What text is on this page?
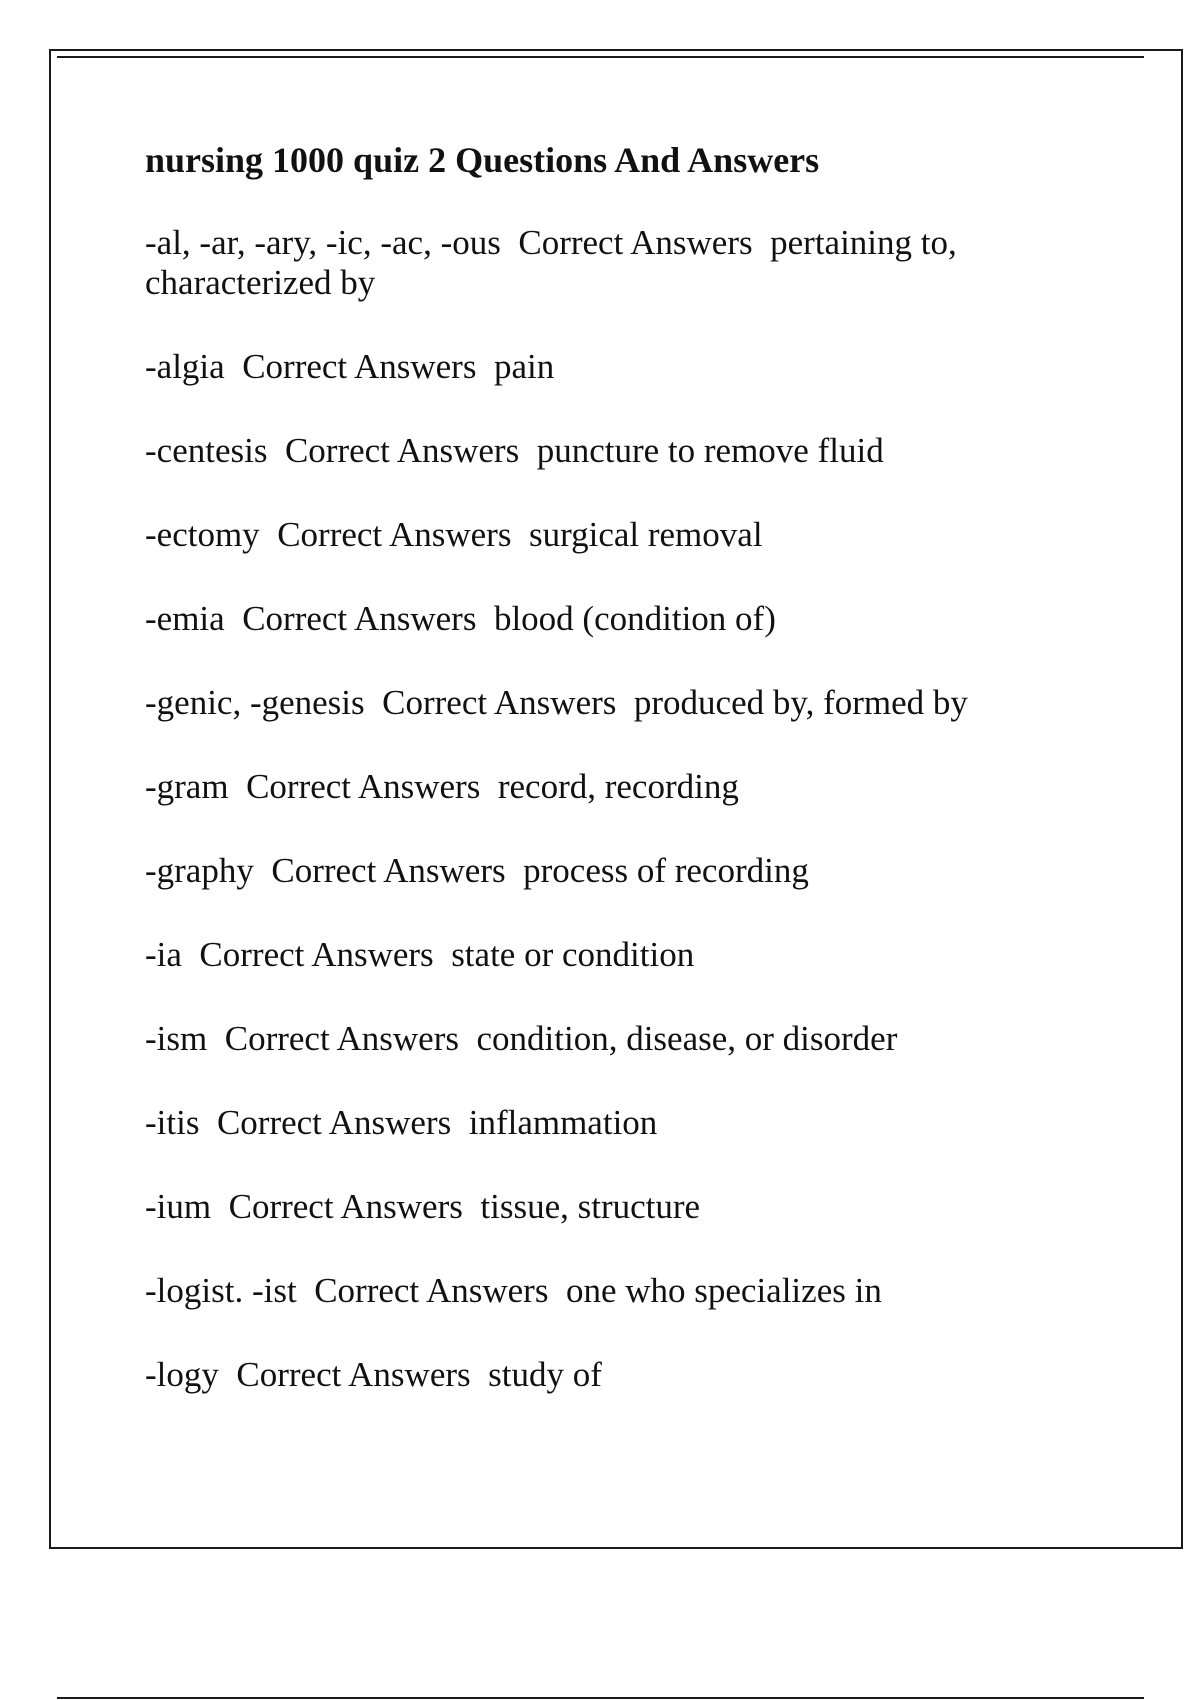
nursing 1000 quiz 2 Questions And Answers
-al, -ar, -ary, -ic, -ac, -ous Correct Answers pertaining to, characterized by
-algia Correct Answers pain
-centesis Correct Answers puncture to remove fluid
-ectomy Correct Answers surgical removal
-emia Correct Answers blood (condition of)
-genic, -genesis Correct Answers produced by, formed by
-gram Correct Answers record, recording
-graphy Correct Answers process of recording
-ia Correct Answers state or condition
-ism Correct Answers condition, disease, or disorder
-itis Correct Answers inflammation
-ium Correct Answers tissue, structure
-logist. -ist Correct Answers one who specializes in
-logy Correct Answers study of
